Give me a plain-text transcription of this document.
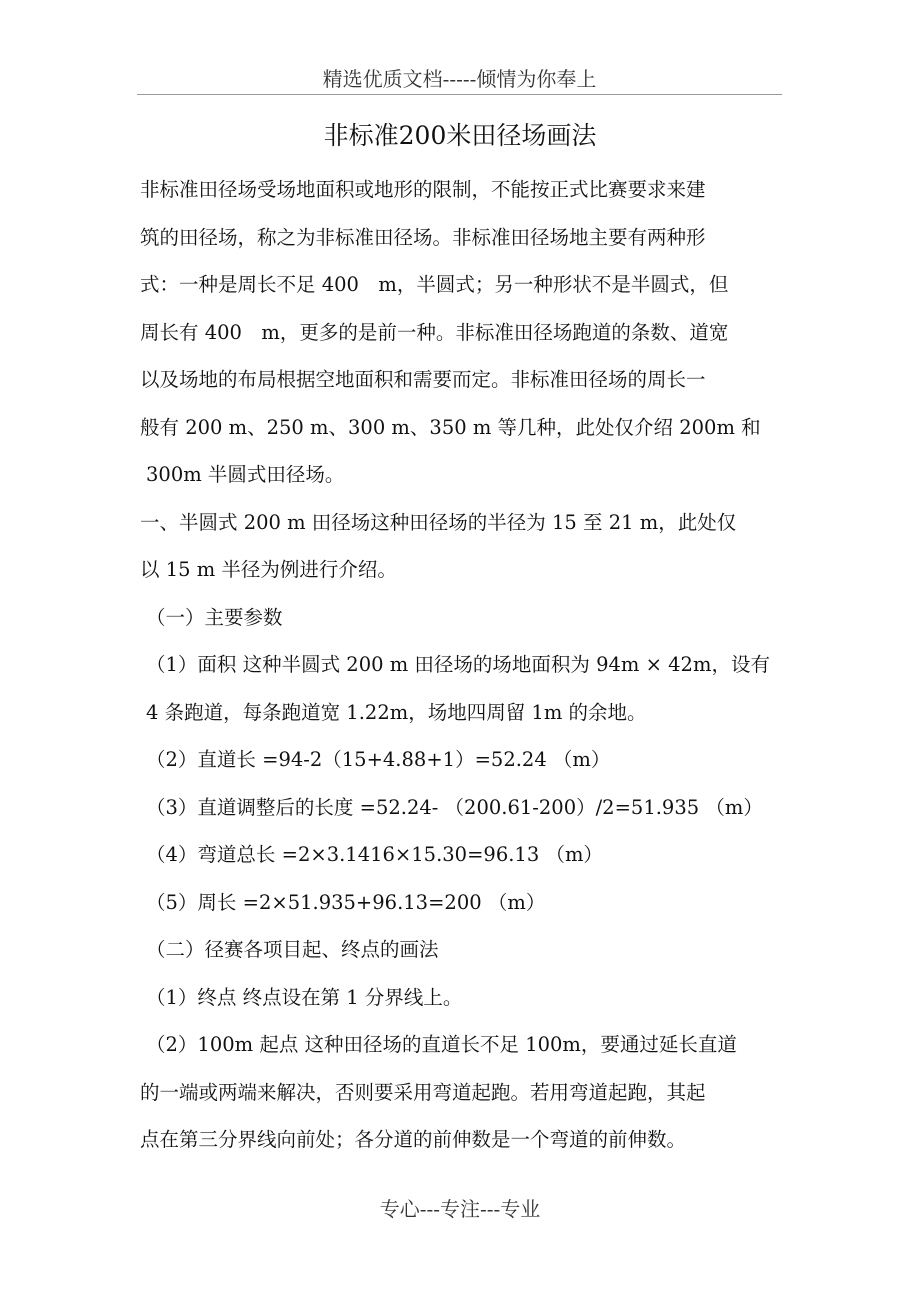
精选优质文档-----倾情为你奉上
非标准200米田径场画法

非标准田径场受场地面积或地形的限制，不能按正式比赛要求来建

筑的田径场，称之为非标准田径场。非标准田径场地主要有两种形

式：一种是周长不足 400　m，半圆式；另一种形状不是半圆式，但

周长有 400　m，更多的是前一种。非标准田径场跑道的条数、道宽

以及场地的布局根据空地面积和需要而定。非标准田径场的周长一

般有 200 m、250 m、300 m、350 m 等几种，此处仅介绍 200m 和

300m 半圆式田径场。

一、半圆式 200 m 田径场这种田径场的半径为 15 至 21 m，此处仅

以 15 m 半径为例进行介绍。

（一）主要参数

（1）面积 这种半圆式 200 m 田径场的场地面积为 94m × 42m，设有

4 条跑道，每条跑道宽 1.22m，场地四周留 1m 的余地。

（2）直道长 =94-2（15+4.88+1）=52.24 （m）

（3）直道调整后的长度 =52.24- （200.61-200）/2=51.935 （m）

（4）弯道总长 =2×3.1416×15.30=96.13 （m）

（5）周长 =2×51.935+96.13=200 （m）

（二）径赛各项目起、终点的画法

（1）终点 终点设在第 1 分界线上。

（2）100m 起点 这种田径场的直道长不足 100m，要通过延长直道

的一端或两端来解决，否则要采用弯道起跑。若用弯道起跑，其起

点在第三分界线向前处；各分道的前伸数是一个弯道的前伸数。

专心---专注---专业
